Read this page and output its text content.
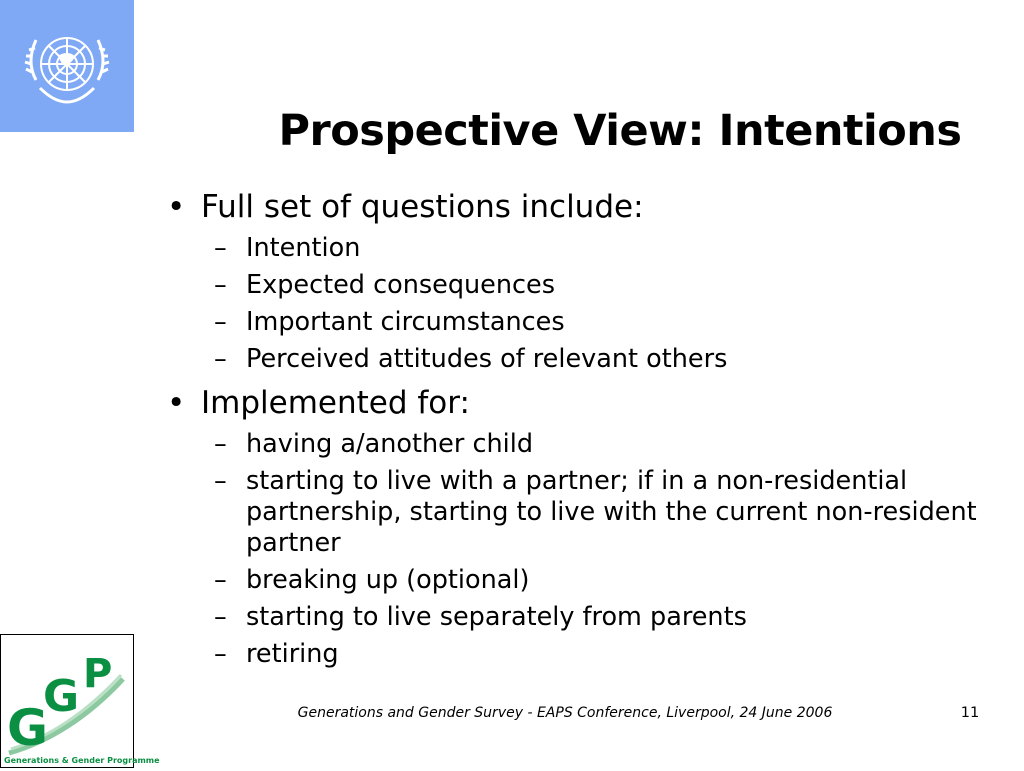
Prospective View: Intentions
• Full set of questions include:
– Intention
– Expected consequences
– Important circumstances
– Perceived attitudes of relevant others
• Implemented for:
– having a/another child
– starting to live with a partner; if in a non-residential partnership, starting to live with the current non-resident partner
– breaking up (optional)
– starting to live separately from parents
– retiring
G
G P
Generations & Gender Programme
Generations and Gender Survey - EAPS Conference, Liverpool, 24 June 2006	11
